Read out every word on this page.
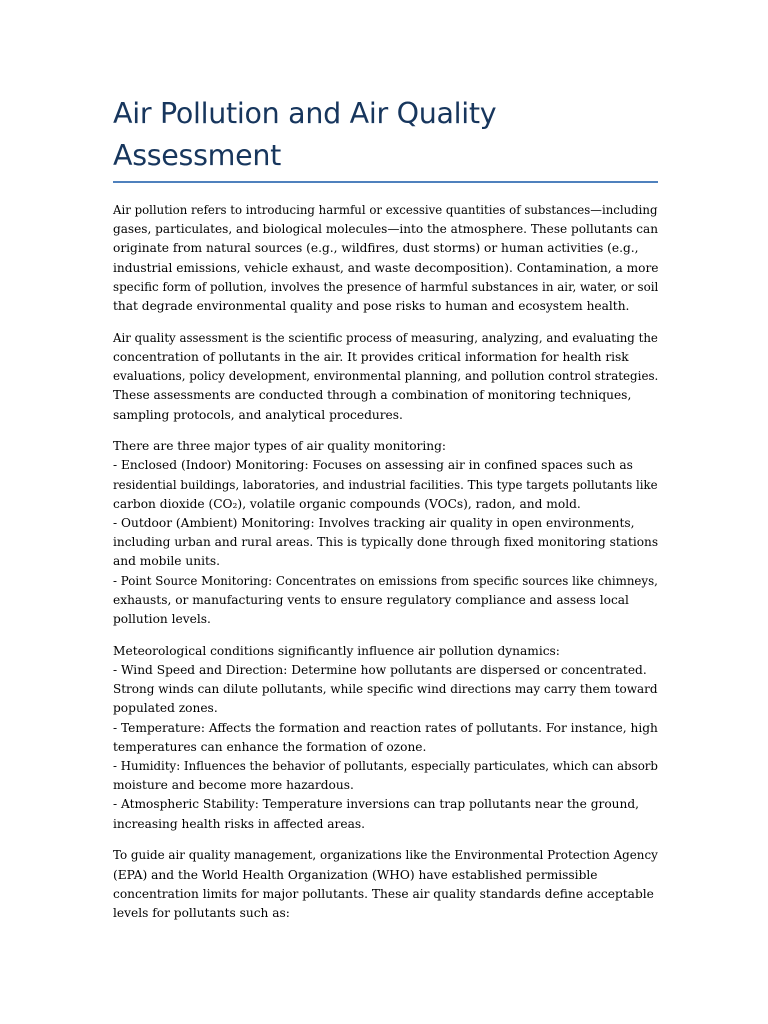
Air Pollution and Air Quality
Assessment

Air pollution refers to introducing harmful or excessive quantities of substances—including
gases, particulates, and biological molecules—into the atmosphere. These pollutants can
originate from natural sources (e.g., wildfires, dust storms) or human activities (e.g.,
industrial emissions, vehicle exhaust, and waste decomposition). Contamination, a more
specific form of pollution, involves the presence of harmful substances in air, water, or soil
that degrade environmental quality and pose risks to human and ecosystem health.

Air quality assessment is the scientific process of measuring, analyzing, and evaluating the
concentration of pollutants in the air. It provides critical information for health risk
evaluations, policy development, environmental planning, and pollution control strategies.
These assessments are conducted through a combination of monitoring techniques,
sampling protocols, and analytical procedures.

There are three major types of air quality monitoring:
- Enclosed (Indoor) Monitoring: Focuses on assessing air in confined spaces such as
residential buildings, laboratories, and industrial facilities. This type targets pollutants like
carbon dioxide (CO₂), volatile organic compounds (VOCs), radon, and mold.
- Outdoor (Ambient) Monitoring: Involves tracking air quality in open environments,
including urban and rural areas. This is typically done through fixed monitoring stations
and mobile units.
- Point Source Monitoring: Concentrates on emissions from specific sources like chimneys,
exhausts, or manufacturing vents to ensure regulatory compliance and assess local
pollution levels.

Meteorological conditions significantly influence air pollution dynamics:
- Wind Speed and Direction: Determine how pollutants are dispersed or concentrated.
Strong winds can dilute pollutants, while specific wind directions may carry them toward
populated zones.
- Temperature: Affects the formation and reaction rates of pollutants. For instance, high
temperatures can enhance the formation of ozone.
- Humidity: Influences the behavior of pollutants, especially particulates, which can absorb
moisture and become more hazardous.
- Atmospheric Stability: Temperature inversions can trap pollutants near the ground,
increasing health risks in affected areas.

To guide air quality management, organizations like the Environmental Protection Agency
(EPA) and the World Health Organization (WHO) have established permissible
concentration limits for major pollutants. These air quality standards define acceptable
levels for pollutants such as:
